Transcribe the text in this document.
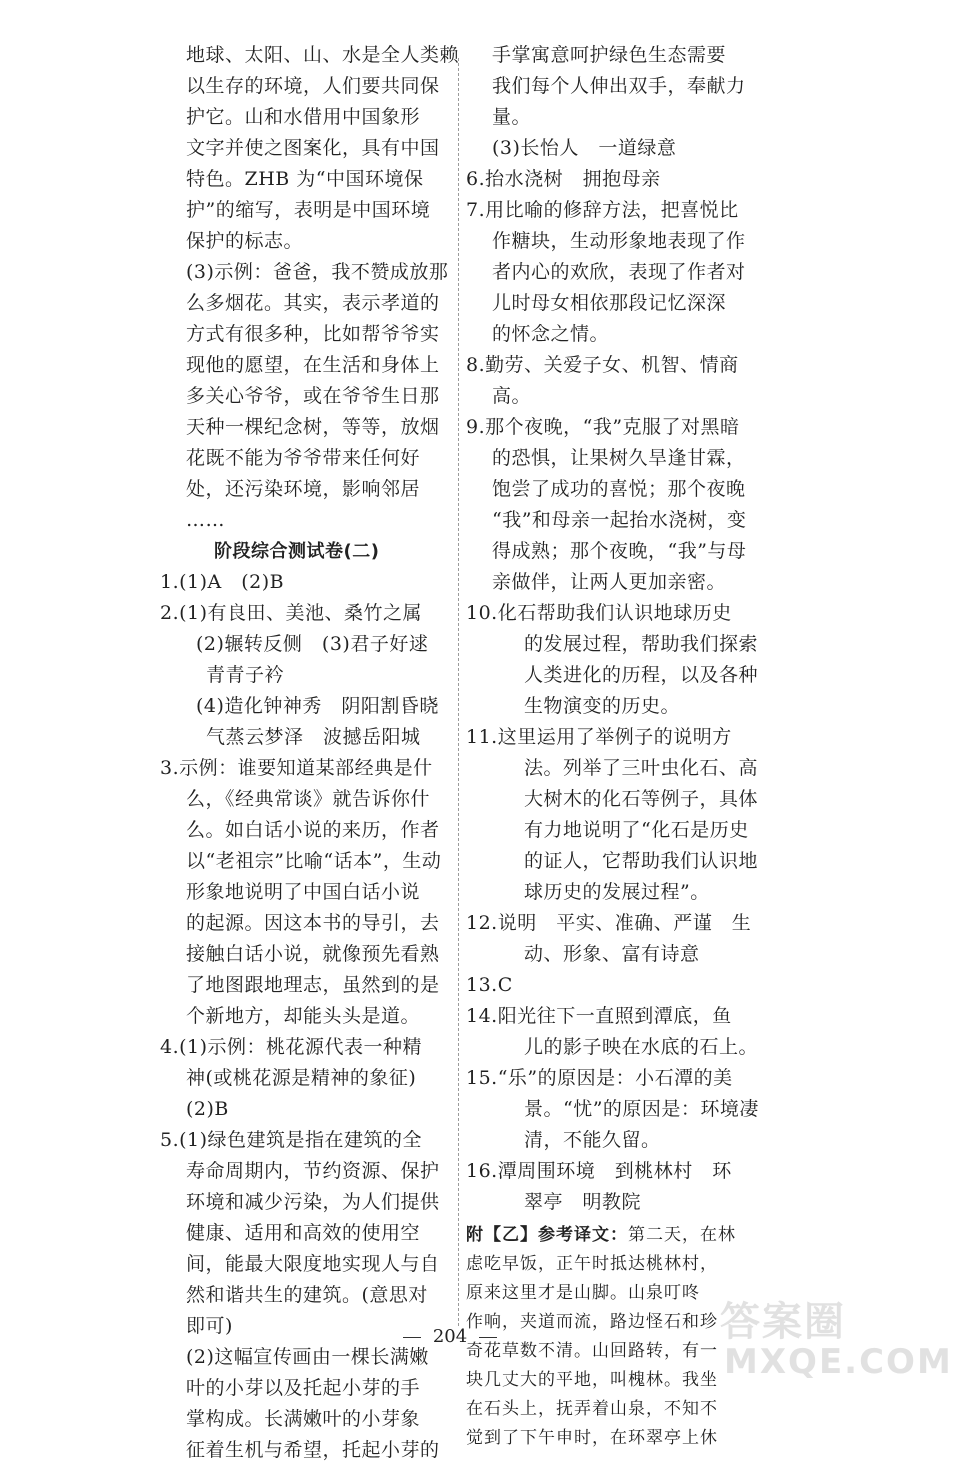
地球、太阳、山、水是全人类赖
以生存的环境，人们要共同保
护它。山和水借用中国象形
文字并使之图案化，具有中国
特色。ZHB 为“中国环境保
护”的缩写，表明是中国环境
保护的标志。
(3)示例：爸爸，我不赞成放那
么多烟花。其实，表示孝道的
方式有很多种，比如帮爷爷实
现他的愿望，在生活和身体上
多关心爷爷，或在爷爷生日那
天种一棵纪念树，等等，放烟
花既不能为爷爷带来任何好
处，还污染环境，影响邻居
……
阶段综合测试卷(二)
1.(1)A　(2)B
2.(1)有良田、美池、桑竹之属
(2)辗转反侧　(3)君子好逑
青青子衿
(4)造化钟神秀　阴阳割昏晓
气蒸云梦泽　波撼岳阳城
3.示例：谁要知道某部经典是什
么，《经典常谈》就告诉你什
么。如白话小说的来历，作者
以“老祖宗”比喻“话本”，生动
形象地说明了中国白话小说
的起源。因这本书的导引，去
接触白话小说，就像预先看熟
了地图跟地理志，虽然到的是
个新地方，却能头头是道。
4.(1)示例：桃花源代表一种精
神(或桃花源是精神的象征)
(2)B
5.(1)绿色建筑是指在建筑的全
寿命周期内，节约资源、保护
环境和减少污染，为人们提供
健康、适用和高效的使用空
间，能最大限度地实现人与自
然和谐共生的建筑。(意思对
即可)
(2)这幅宣传画由一棵长满嫩
叶的小芽以及托起小芽的手
掌构成。长满嫩叶的小芽象
征着生机与希望，托起小芽的
手掌寓意呵护绿色生态需要
我们每个人伸出双手，奉献力
量。
(3)长怡人　一道绿意
6.抬水浇树　拥抱母亲
7.用比喻的修辞方法，把喜悦比
作糖块，生动形象地表现了作
者内心的欢欣，表现了作者对
儿时母女相依那段记忆深深
的怀念之情。
8.勤劳、关爱子女、机智、情商
高。
9.那个夜晚，“我”克服了对黑暗
的恐惧，让果树久旱逢甘霖，
饱尝了成功的喜悦；那个夜晚
“我”和母亲一起抬水浇树，变
得成熟；那个夜晚，“我”与母
亲做伴，让两人更加亲密。
10.化石帮助我们认识地球历史
的发展过程，帮助我们探索
人类进化的历程，以及各种
生物演变的历史。
11.这里运用了举例子的说明方
法。列举了三叶虫化石、高
大树木的化石等例子，具体
有力地说明了“化石是历史
的证人，它帮助我们认识地
球历史的发展过程”。
12.说明　平实、准确、严谨　生
动、形象、富有诗意
13.C
14.阳光往下一直照到潭底，鱼
儿的影子映在水底的石上。
15.“乐”的原因是：小石潭的美
景。“忧”的原因是：环境凄
清，不能久留。
16.潭周围环境　到桃林村　环
翠亭　明教院
附【乙】参考译文：第二天，在林
虑吃早饭，正午时抵达桃林村，
原来这里才是山脚。山泉叮咚
作响，夹道而流，路边怪石和珍
奇花草数不清。山回路转，有一
块几丈大的平地，叫槐林。我坐
在石头上，抚弄着山泉，不知不
觉到了下午申时，在环翠亭上休
204	答案圈
MXQE.COM
